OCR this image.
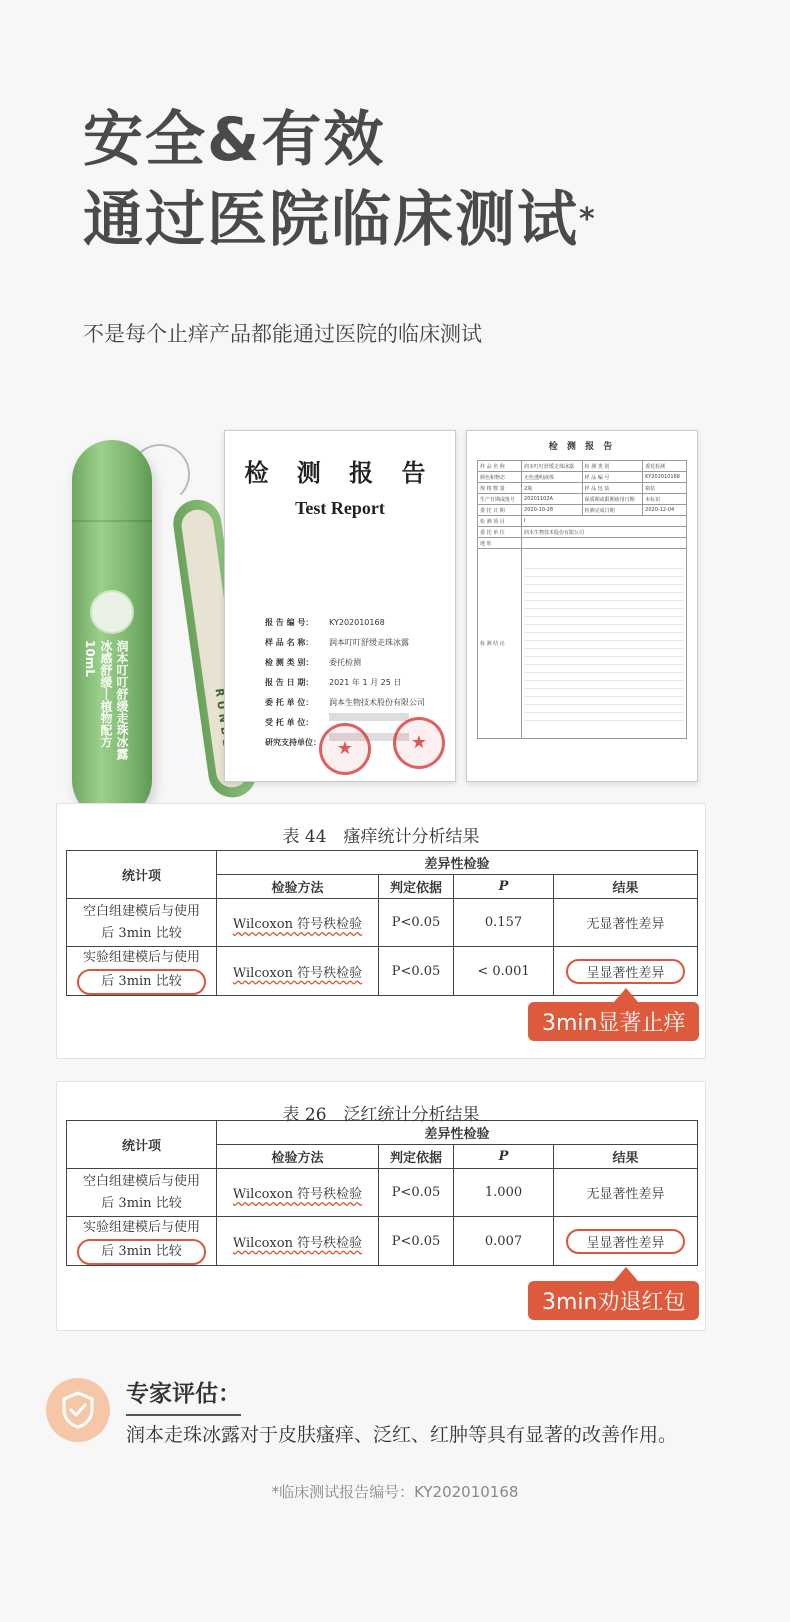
安全&有效
通过医院临床测试*
不是每个止痒产品都能通过医院的临床测试
润本叮叮舒缓走珠冰露 冰感舒缓丨植物配方 10mL
检 测 报 告
Test Report
报 告 编 号：	KY202010168
样 品 名 称：	润本叮叮舒缓走珠冰露
检 测 类 别：	委托检测
报 告 日 期：	2021 年 1 月 25 日
委 托 单 位：	润本生物技术股份有限公司
受 托 单 位：
研究支持单位： ★	★
检 测 报 告
样 品 名 称	润本叮叮舒缓走珠冰露	检 测 类 别	委托检测
颜色和物态	无色透明液体	样 品 编 号	KY202010168
规 格 数 量	2瓶	样 品 包 装	瓶装
生产日期或批号	20201102A	保质期或限期使用日期	未标识
委 托 日 期	2020-10-28	检测完成日期	2020-12-04
检 测 项 目	Ⅰ		
委 托 单 位	润本生物技术股份有限公司		
地 址			
检 测 结 论			
表 44　瘙痒统计分析结果
统计项	差异性检验			
	检验方法	判定依据	P	结果

空白组建模后与使用
后 3min 比较	Wilcoxon 符号秩检验	P<0.05	0.157	无显著性差异

实验组建模后与使用
后 3min 比较	Wilcoxon 符号秩检验	P<0.05	< 0.001	呈显著性差异
3min显著止痒
表 26　泛红统计分析结果
统计项	差异性检验			
	检验方法	判定依据	P	结果

空白组建模后与使用
后 3min 比较	Wilcoxon 符号秩检验	P<0.05	1.000	无显著性差异

实验组建模后与使用
后 3min 比较	Wilcoxon 符号秩检验	P<0.05	0.007	呈显著性差异
3min劝退红包
专家评估：
润本走珠冰露对于皮肤瘙痒、泛红、红肿等具有显著的改善作用。
*临床测试报告编号：KY202010168
